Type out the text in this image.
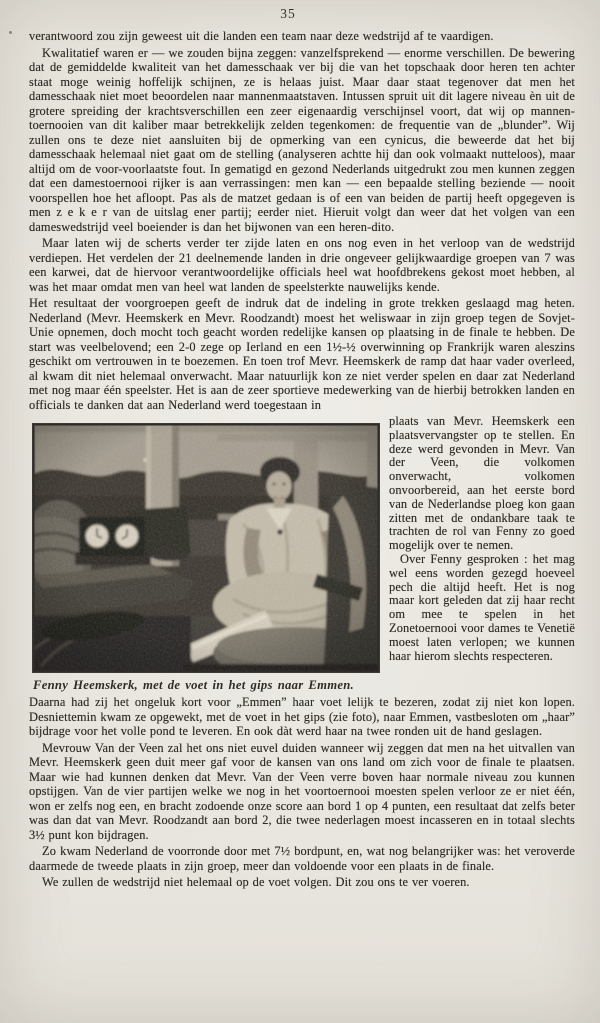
35

verantwoord zou zijn geweest uit die landen een team naar deze wedstrijd af te vaardigen.

Kwalitatief waren er — we zouden bijna zeggen: vanzelfsprekend — enorme verschillen. De bewering dat de gemiddelde kwaliteit van het damesschaak ver bij die van het topschaak door heren ten achter staat moge weinig hoffelijk schijnen, ze is helaas juist. Maar daar staat tegenover dat men het damesschaak niet moet beoordelen naar mannenmaatstaven. Intussen spruit uit dit lagere niveau èn uit de grotere spreiding der krachtsverschillen een zeer eigenaardig verschijnsel voort, dat wij op mannen-toernooien van dit kaliber maar betrekkelijk zelden tegenkomen: de frequentie van de „blunder”. Wij zullen ons te deze niet aansluiten bij de opmerking van een cynicus, die beweerde dat het bij damesschaak helemaal niet gaat om de stelling (analyseren achtte hij dan ook volmaakt nutteloos), maar altijd om de voor-voorlaatste fout. In gematigd en gezond Nederlands uitgedrukt zou men kunnen zeggen dat een damestoernooi rijker is aan verrassingen: men kan — een bepaalde stelling beziende — nooit voorspellen hoe het afloopt. Pas als de matzet gedaan is of een van beiden de partij heeft opgegeven is men z e k e r van de uitslag ener partij; eerder niet. Hieruit volgt dan weer dat het volgen van een dameswedstrijd veel boeiender is dan het bijwonen van een heren-dito.

Maar laten wij de scherts verder ter zijde laten en ons nog even in het verloop van de wedstrijd verdiepen. Het verdelen der 21 deelnemende landen in drie ongeveer gelijkwaardige groepen van 7 was een karwei, dat de hiervoor verantwoordelijke officials heel wat hoofdbrekens gekost moet hebben, al was het maar omdat men van heel wat landen de speelsterkte nauwelijks kende.

Het resultaat der voorgroepen geeft de indruk dat de indeling in grote trekken geslaagd mag heten. Nederland (Mevr. Heemskerk en Mevr. Roodzandt) moest het weliswaar in zijn groep tegen de Sovjet-Unie opnemen, doch mocht toch geacht worden redelijke kansen op plaatsing in de finale te hebben. De start was veelbelovend; een 2-0 zege op Ierland en een 1½-½ overwinning op Frankrijk waren aleszins geschikt om vertrouwen in te boezemen. En toen trof Mevr. Heemskerk de ramp dat haar vader overleed, al kwam dit niet helemaal onverwacht. Maar natuurlijk kon ze niet verder spelen en daar zat Nederland met nog maar één speelster. Het is aan de zeer sportieve medewerking van de hierbij betrokken landen en officials te danken dat aan Nederland werd toegestaan in

Fenny Heemskerk, met de voet in het gips naar Emmen.

plaats van Mevr. Heemskerk een plaatsvervangster op te stellen. En deze werd gevonden in Mevr. Van der Veen, die volkomen onverwacht, volkomen onvoorbereid, aan het eerste bord van de Nederlandse ploeg kon gaan zitten met de ondankbare taak te trachten de rol van Fenny zo goed mogelijk over te nemen.

Over Fenny gesproken : het mag wel eens worden gezegd hoeveel pech die altijd heeft. Het is nog maar kort geleden dat zij haar recht om mee te spelen in het Zonetoernooi voor dames te Venetië moest laten verlopen; we kunnen haar hierom slechts respecteren.

Daarna had zij het ongeluk kort voor „Emmen” haar voet lelijk te bezeren, zodat zij niet kon lopen. Desniettemin kwam ze opgewekt, met de voet in het gips (zie foto), naar Emmen, vastbesloten om „haar” bijdrage voor het volle pond te leveren. En ook dàt werd haar na twee ronden uit de hand geslagen.

Mevrouw Van der Veen zal het ons niet euvel duiden wanneer wij zeggen dat men na het uitvallen van Mevr. Heemskerk geen duit meer gaf voor de kansen van ons land om zich voor de finale te plaatsen. Maar wie had kunnen denken dat Mevr. Van der Veen verre boven haar normale niveau zou kunnen opstijgen. Van de vier partijen welke we nog in het voortoernooi moesten spelen verloor ze er niet één, won er zelfs nog een, en bracht zodoende onze score aan bord 1 op 4 punten, een resultaat dat zelfs beter was dan dat van Mevr. Roodzandt aan bord 2, die twee nederlagen moest incasseren en in totaal slechts 3½ punt kon bijdragen.

Zo kwam Nederland de voorronde door met 7½ bordpunt, en, wat nog belangrijker was: het veroverde daarmede de tweede plaats in zijn groep, meer dan voldoende voor een plaats in de finale.

We zullen de wedstrijd niet helemaal op de voet volgen. Dit zou ons te ver voeren.
